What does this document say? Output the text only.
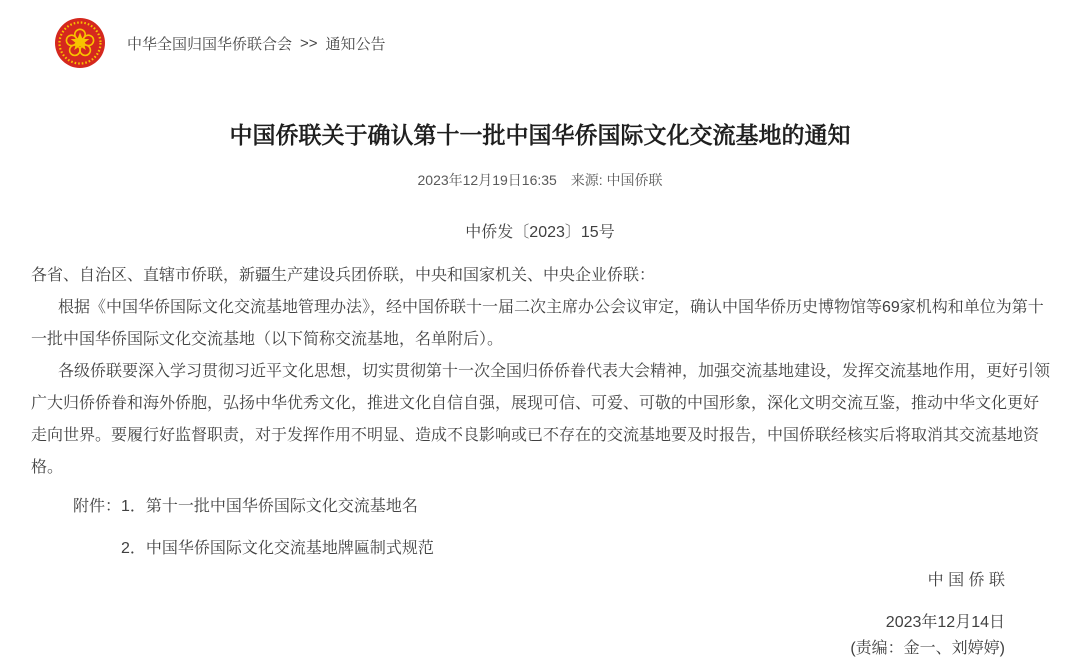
中华全国归国华侨联合会 >> 通知公告
中国侨联关于确认第十一批中国华侨国际文化交流基地的通知
2023年12月19日16:35 来源: 中国侨联
中侨发〔2023〕15号

各省、自治区、直辖市侨联，新疆生产建设兵团侨联，中央和国家机关、中央企业侨联：

根据《中国华侨国际文化交流基地管理办法》，经中国侨联十一届二次主席办公会议审定，确认中国华侨历史博物馆等69家机构和单位为第十一批中国华侨国际文化交流基地（以下简称交流基地，名单附后）。

各级侨联要深入学习贯彻习近平文化思想，切实贯彻第十一次全国归侨侨眷代表大会精神，加强交流基地建设，发挥交流基地作用，更好引领广大归侨侨眷和海外侨胞，弘扬中华优秀文化，推进文化自信自强，展现可信、可爱、可敬的中国形象，深化文明交流互鉴，推动中华文化更好走向世界。要履行好监督职责，对于发挥作用不明显、造成不良影响或已不存在的交流基地要及时报告，中国侨联经核实后将取消其交流基地资格。

附件：1．第十一批中国华侨国际文化交流基地名
2．中国华侨国际文化交流基地牌匾制式规范
中 国 侨 联
2023年12月14日
(责编：金一、刘婷婷)
